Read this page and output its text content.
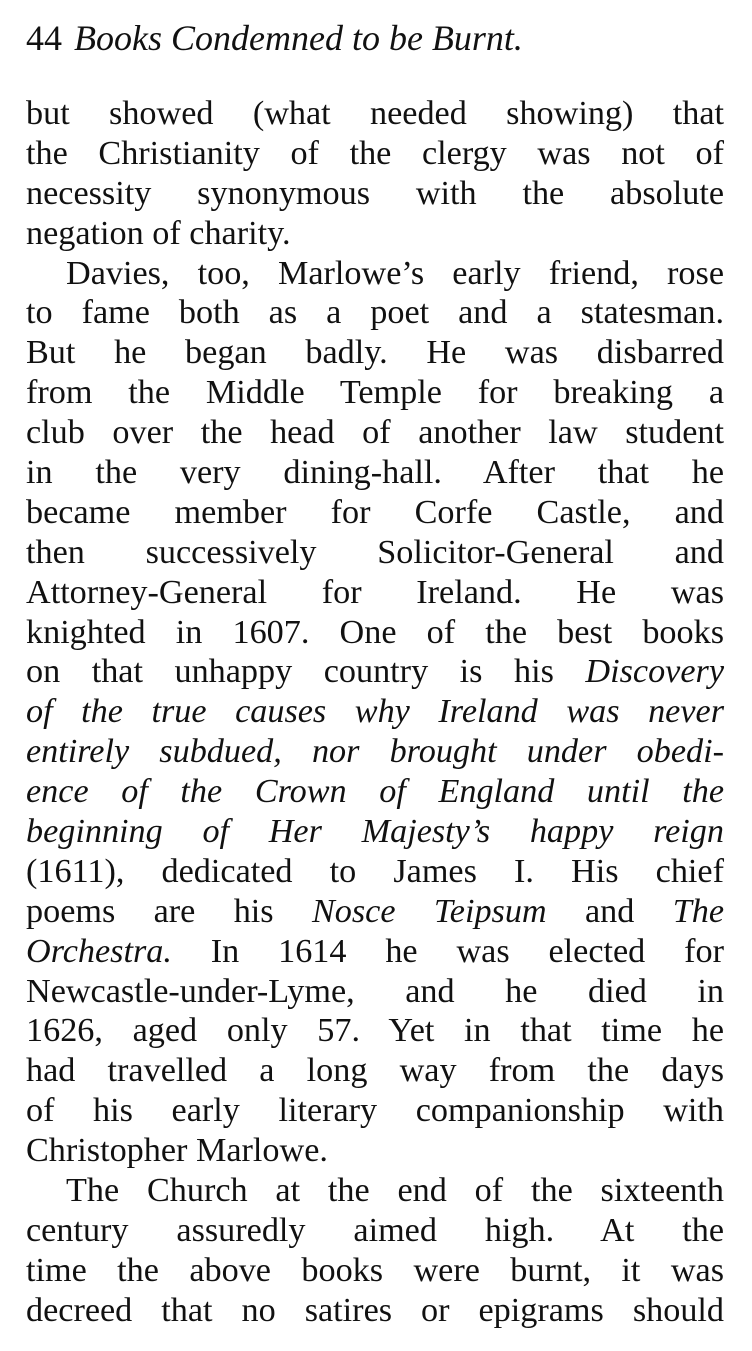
44 Books Condemned to be Burnt.
but showed (what needed showing) that
the Christianity of the clergy was not of
necessity synonymous with the absolute
negation of charity.
Davies, too, Marlowe’s early friend, rose
to fame both as a poet and a statesman.
But he began badly. He was disbarred
from the Middle Temple for breaking a
club over the head of another law student
in the very dining-hall. After that he
became member for Corfe Castle, and
then successively Solicitor-General and
Attorney-General for Ireland. He was
knighted in 1607. One of the best books
on that unhappy country is his Discovery
of the true causes why Ireland was never
entirely subdued, nor brought under obedi-
ence of the Crown of England until the
beginning of Her Majesty’s happy reign
(1611), dedicated to James I. His chief
poems are his Nosce Teipsum and The
Orchestra. In 1614 he was elected for
Newcastle-under-Lyme, and he died in
1626, aged only 57. Yet in that time he
had travelled a long way from the days
of his early literary companionship with
Christopher Marlowe.
The Church at the end of the sixteenth
century assuredly aimed high. At the
time the above books were burnt, it was
decreed that no satires or epigrams should
